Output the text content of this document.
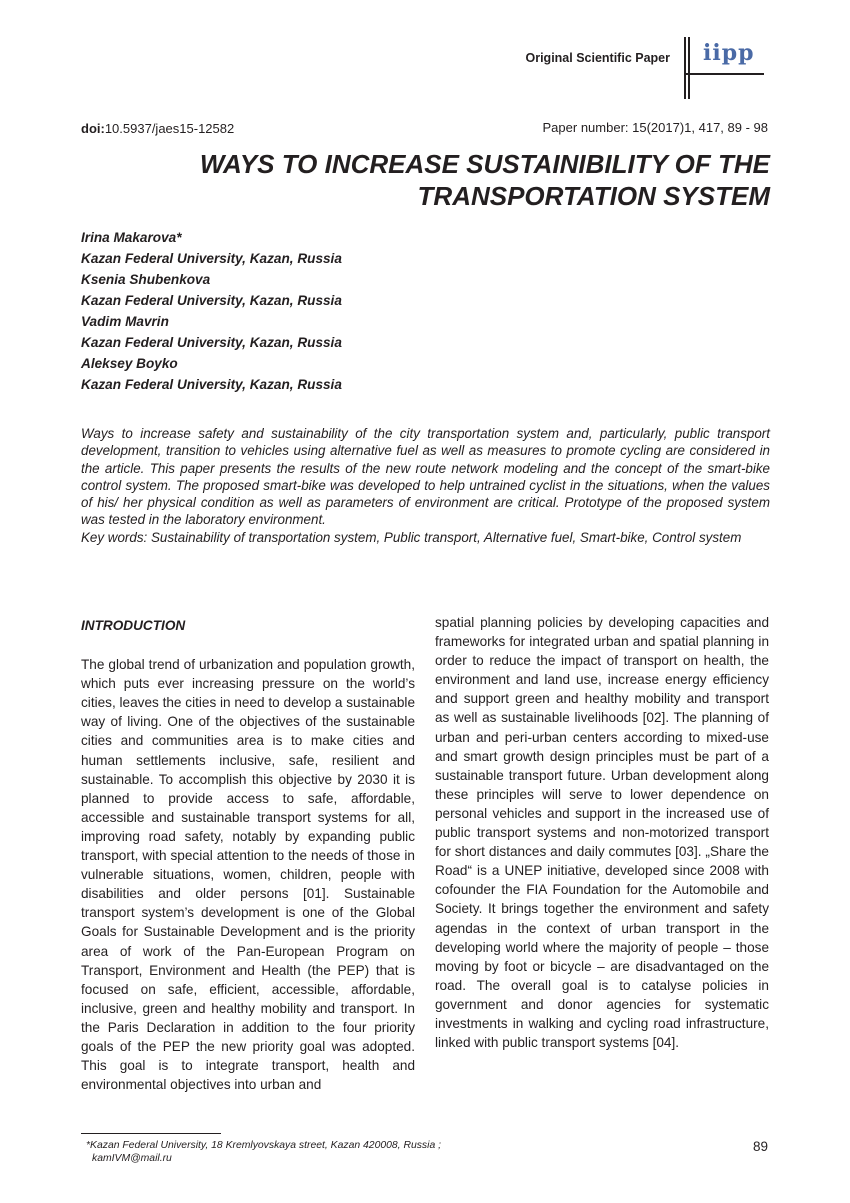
Original Scientific Paper iipp
doi:10.5937/jaes15-12582	Paper number: 15(2017)1, 417, 89 - 98
WAYS TO INCREASE SUSTAINIBILITY OF THE
TRANSPORTATION SYSTEM
Irina Makarova*
Kazan Federal University, Kazan, Russia
Ksenia Shubenkova
Kazan Federal University, Kazan, Russia
Vadim Mavrin
Kazan Federal University, Kazan, Russia
Aleksey Boyko
Kazan Federal University, Kazan, Russia

Ways to increase safety and sustainability of the city transportation system and, particularly, public transport development, transition to vehicles using alternative fuel as well as measures to promote cycling are considered in the article. This paper presents the results of the new route network modeling and the concept of the smart-bike control system. The proposed smart-bike was developed to help untrained cyclist in the situations, when the values of his/ her physical condition as well as parameters of environment are critical. Prototype of the proposed system was tested in the laboratory environment.

Key words: Sustainability of transportation system, Public transport, Alternative fuel, Smart-bike, Control system

INTRODUCTION

The global trend of urbanization and population growth, which puts ever increasing pressure on the world’s cities, leaves the cities in need to develop a sustainable way of living. One of the objectives of the sustainable cities and communities area is to make cities and human settlements inclusive, safe, resilient and sustainable. To accomplish this objective by 2030 it is planned to provide access to safe, affordable, accessible and sustainable transport systems for all, improving road safety, notably by expanding public transport, with special attention to the needs of those in vulnerable situations, women, children, people with disabilities and older persons [01]. Sustainable transport system’s development is one of the Global Goals for Sustainable Development and is the priority area of work of the Pan-European Program on Transport, Environment and Health (the PEP) that is focused on safe, efficient, accessible, affordable, inclusive, green and healthy mobility and transport. In the Paris Declaration in addition to the four priority goals of the PEP the new priority goal was adopted. This goal is to integrate transport, health and environmental objectives into urban and

spatial planning policies by developing capacities and frameworks for integrated urban and spatial planning in order to reduce the impact of transport on health, the environment and land use, increase energy efficiency and support green and healthy mobility and transport as well as sustainable livelihoods [02]. The planning of urban and peri-urban centers according to mixed-use and smart growth design principles must be part of a sustainable transport future. Urban development along these principles will serve to lower dependence on personal vehicles and support in the increased use of public transport systems and non-motorized transport for short distances and daily commutes [03]. „Share the Road“ is a UNEP initiative, developed since 2008 with cofounder the FIA Foundation for the Automobile and Society. It brings together the environment and safety agendas in the context of urban transport in the developing world where the majority of people – those moving by foot or bicycle – are disadvantaged on the road. The overall goal is to catalyse policies in government and donor agencies for systematic investments in walking and cycling road infrastructure, linked with public transport systems [04].

*Kazan Federal University, 18 Kremlyovskaya street, Kazan 420008, Russia ;
kamIVM@mail.ru
89
